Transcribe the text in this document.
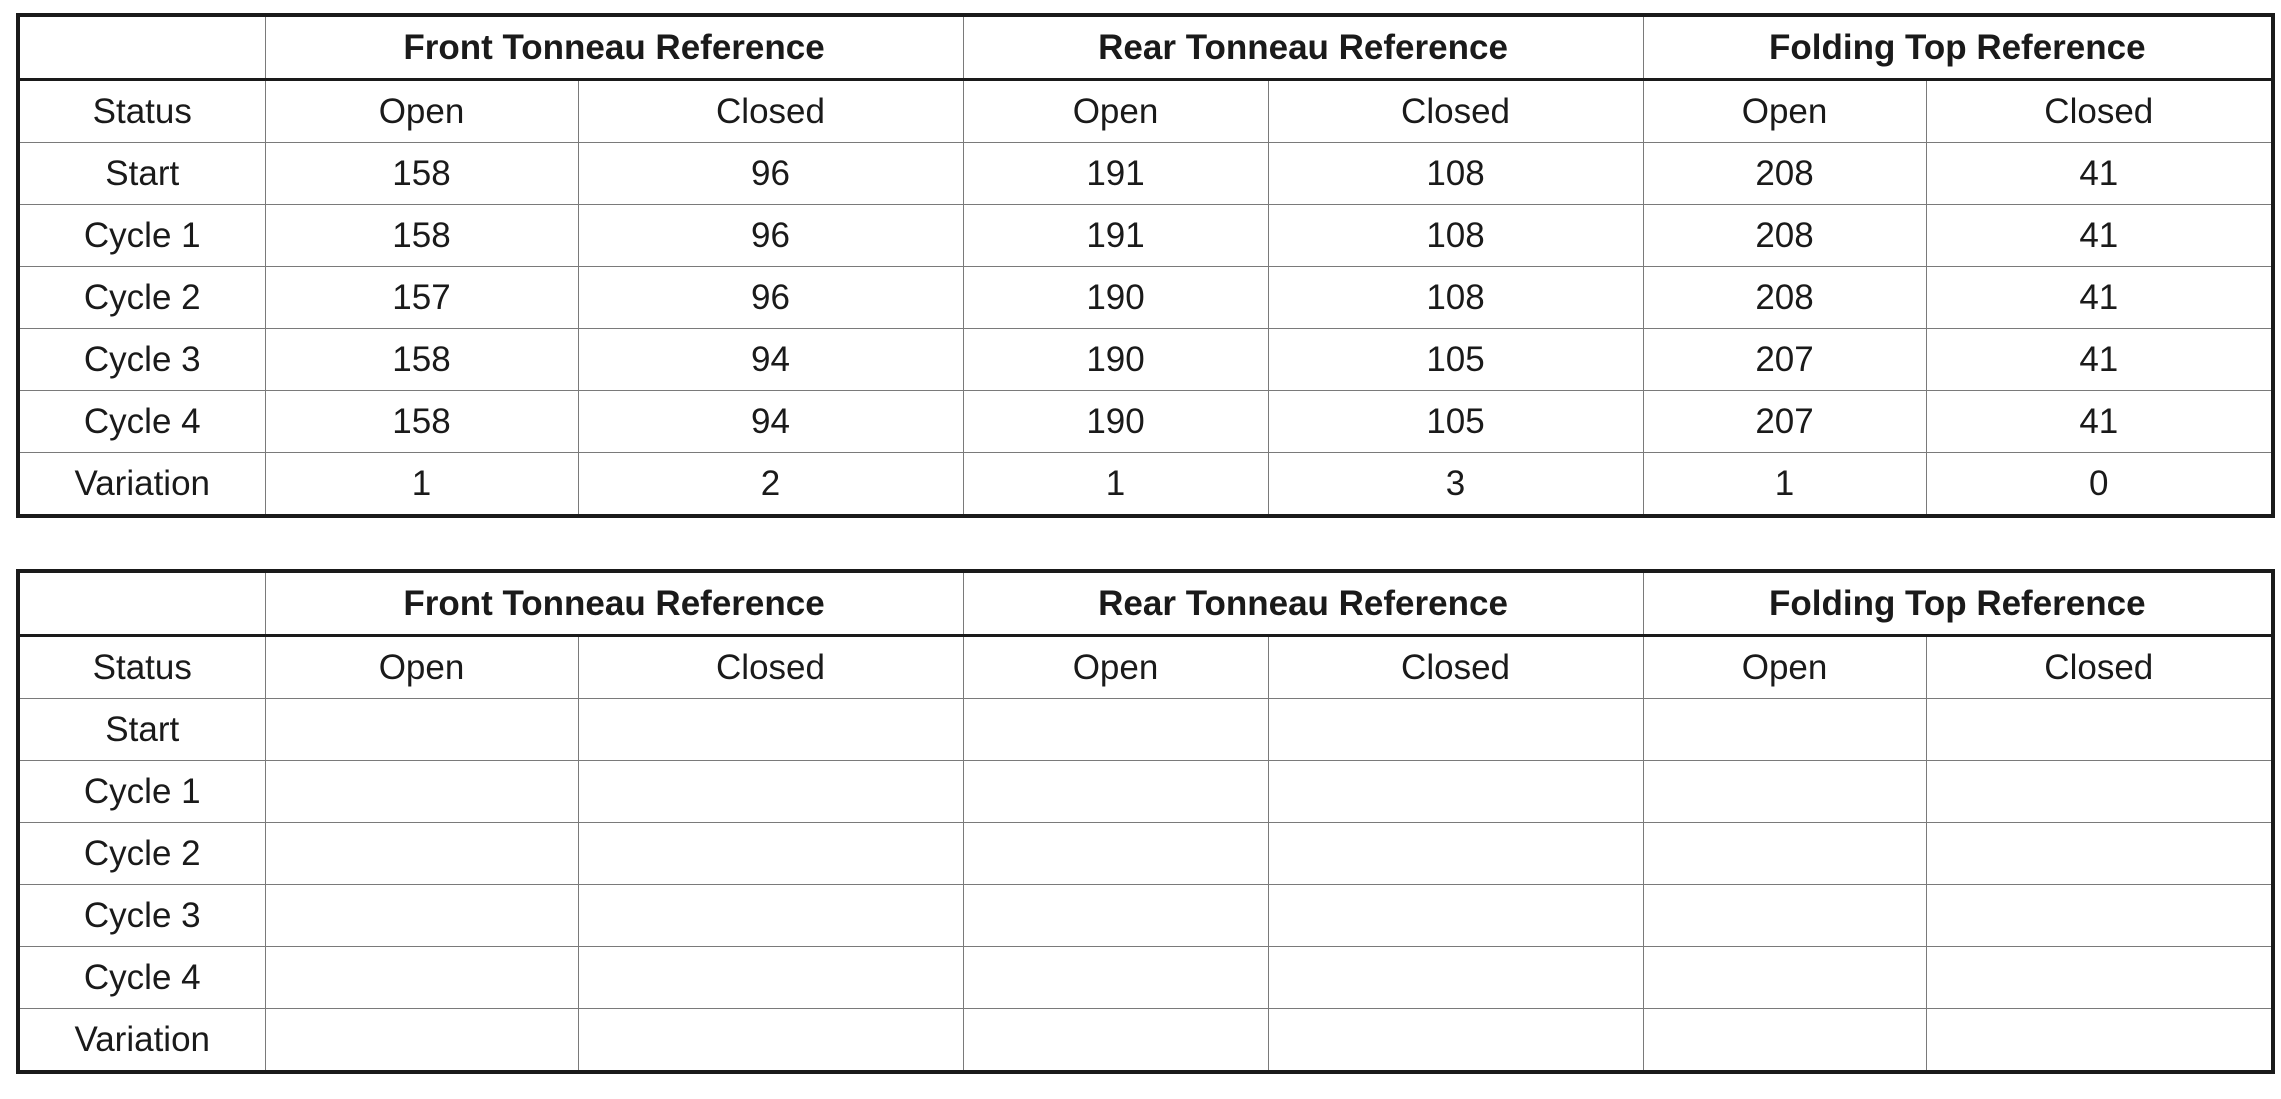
	Front Tonneau Reference		Rear Tonneau Reference		Folding Top Reference	
Status	Open	Closed	Open	Closed	Open	Closed
Start	158	96	191	108	208	41
Cycle 1	158	96	191	108	208	41
Cycle 2	157	96	190	108	208	41
Cycle 3	158	94	190	105	207	41
Cycle 4	158	94	190	105	207	41
Variation	1	2	1	3	1	0
	Front Tonneau Reference		Rear Tonneau Reference		Folding Top Reference	
Status	Open	Closed	Open	Closed	Open	Closed
Start						
Cycle 1						
Cycle 2						
Cycle 3						
Cycle 4						
Variation						
